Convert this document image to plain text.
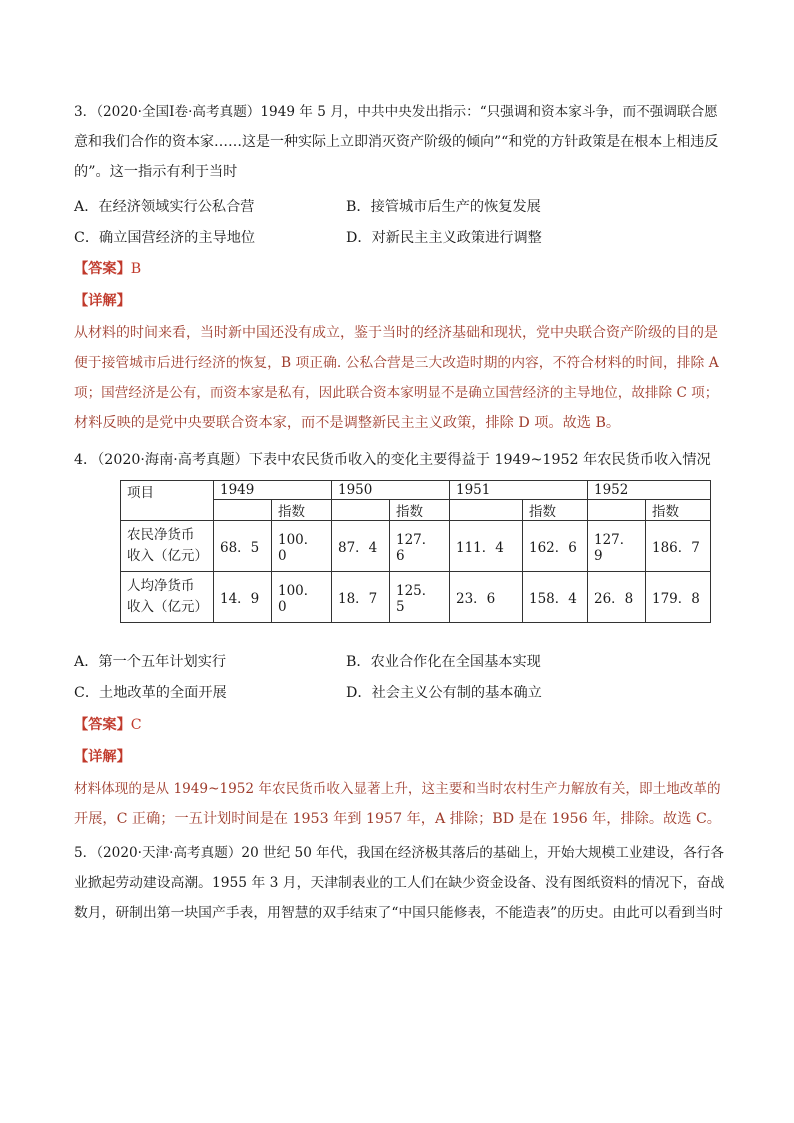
3．（2020·全国Ⅰ卷·高考真题）1949 年 5 月，中共中央发出指示：“只强调和资本家斗争，而不强调联合愿
意和我们合作的资本家……这是一种实际上立即消灭资产阶级的倾向”“和党的方针政策是在根本上相违反
的”。这一指示有利于当时
A．在经济领域实行公私合营	B．接管城市后生产的恢复发展
C．确立国营经济的主导地位	D．对新民主主义政策进行调整
【答案】B
【详解】
从材料的时间来看，当时新中国还没有成立，鉴于当时的经济基础和现状，党中央联合资产阶级的目的是
便于接管城市后进行经济的恢复，B 项正确. 公私合营是三大改造时期的内容，不符合材料的时间，排除 A
项；国营经济是公有，而资本家是私有，因此联合资本家明显不是确立国营经济的主导地位，故排除 C 项；
材料反映的是党中央要联合资本家，而不是调整新民主主义政策，排除 D 项。故选 B。
4．（2020·海南·高考真题）下表中农民货币收入的变化主要得益于 1949~1952 年农民货币收入情况
项目	1949		1950		1951		1952	
		指数		指数		指数		指数

农民净货币
收入（亿元）	68．5	100．0	87．4	127．6	111．4	162．6	127．9	186．7

人均净货币
收入（亿元）	14．9	100．0	18．7	125．5	23．6	158．4	26．8	179．8
A．第一个五年计划实行	B．农业合作化在全国基本实现
C．土地改革的全面开展	D．社会主义公有制的基本确立
【答案】C
【详解】
材料体现的是从 1949~1952 年农民货币收入显著上升，这主要和当时农村生产力解放有关，即土地改革的
开展，C 正确；一五计划时间是在 1953 年到 1957 年，A 排除；BD 是在 1956 年，排除。故选 C。
5．（2020·天津·高考真题）20 世纪 50 年代，我国在经济极其落后的基础上，开始大规模工业建设，各行各
业掀起劳动建设高潮。1955 年 3 月，天津制表业的工人们在缺少资金设备、没有图纸资料的情况下，奋战
数月，研制出第一块国产手表，用智慧的双手结束了“中国只能修表，不能造表”的历史。由此可以看到当时
